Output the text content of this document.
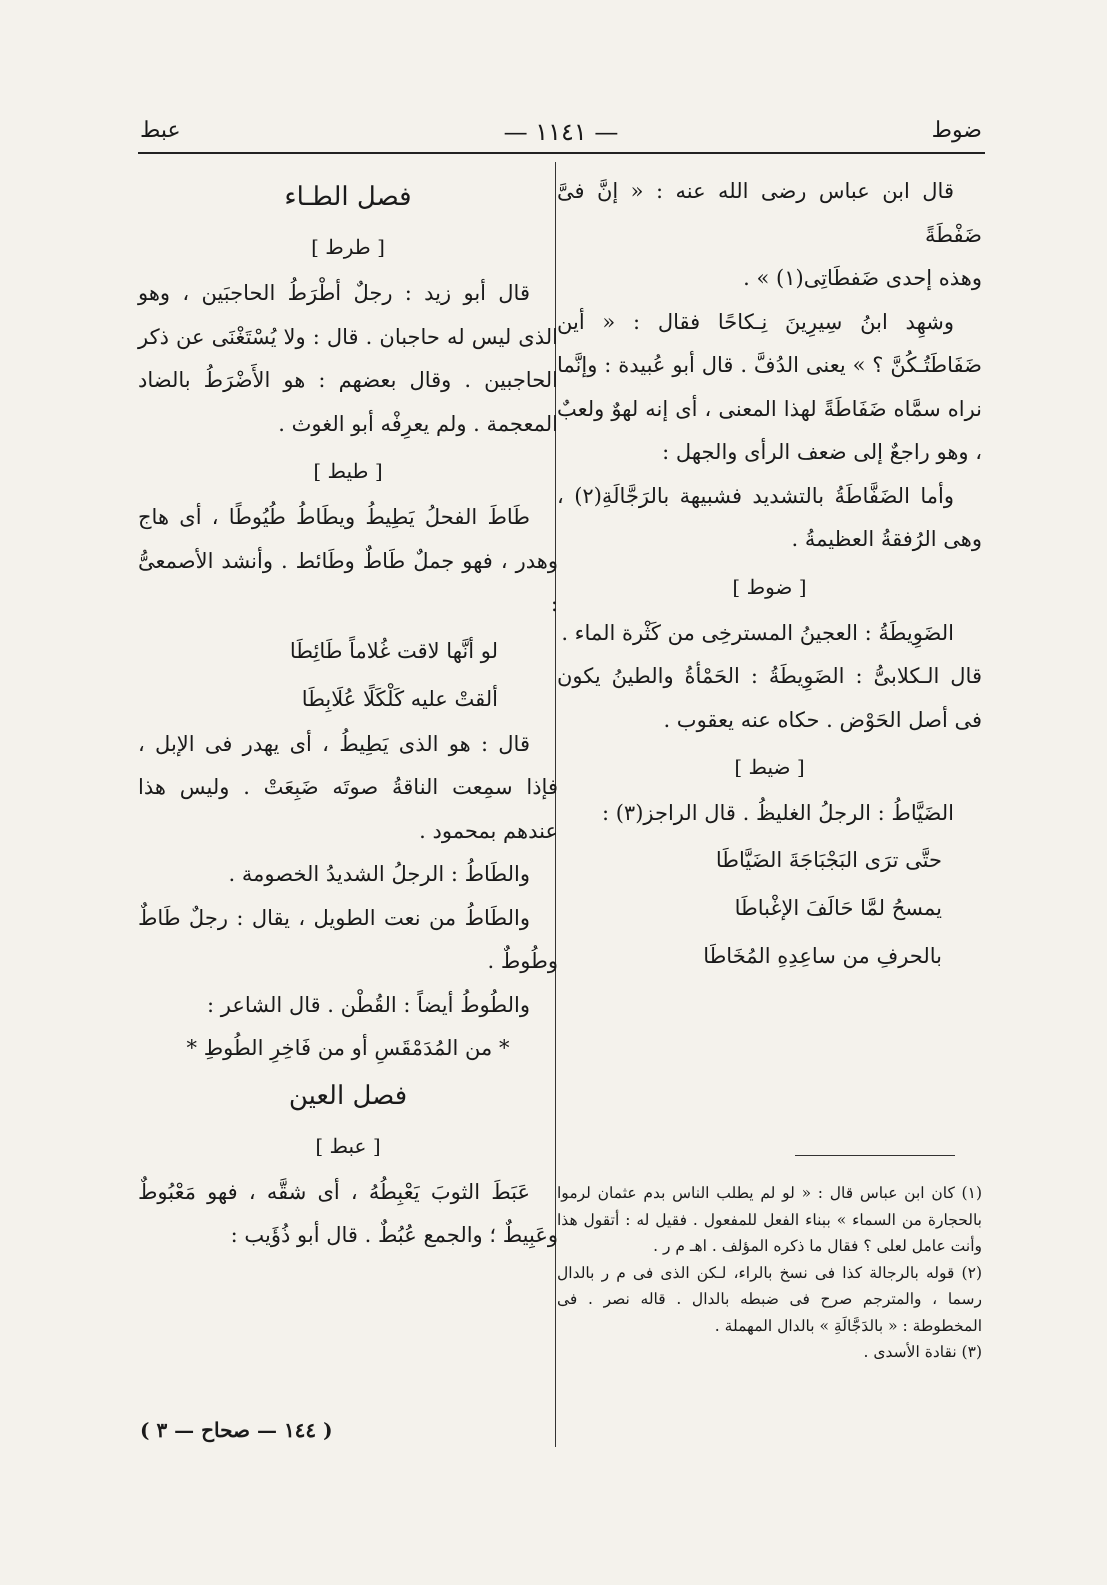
ضوط
— ١١٤١ —
عبط

قال ابن عباس رضى الله عنه : « إنَّ فىَّ ضَفْطَةً

وهذه إحدى ضَفطَاتِى(١) » .

وشهِد ابنُ سِيرِينَ نِـكاحًا فقال : « أين ضَفَاطَتُـكُنَّ ؟ » يعنى الدُفَّ . قال أبو عُبيدة : وإنَّما نراه سمَّاه ضَفَاطَةً لهذا المعنى ، أى إنه لهوٌ ولعبٌ ، وهو راجعٌ إلى ضعف الرأى والجهل :

وأما الضَفَّاطَةُ بالتشديد فشبيهة بالرَجَّالَةِ(٢) ، وهى الرُفقةُ العظيمةُ .

[ ضوط ]

الضَوِيطَةُ : العجينُ المسترخِى من كَثْرة الماء .

قال الـكلابىُّ : الضَوِيطَةُ : الحَمْأةُ والطينُ يكون فى أصل الحَوْض . حكاه عنه يعقوب .

[ ضيط ]

الضَيَّاطُ : الرجلُ الغليظُ . قال الراجز(٣) :

حتَّى ترَى البَجْبَاجَةَ الضَيَّاطَا

يمسحُ لمَّا حَالَفَ الإغْباطَا

بالحرفِ من ساعِدِهِ المُخَاطَا

(١) كان ابن عباس قال : « لو لم يطلب الناس بدم عثمان لرموا بالحجارة من السماء » ببناء الفعل للمفعول . فقيل له : أتقول هذا وأنت عامل لعلى ؟ فقال ما ذكره المؤلف . اهـ م ر .

(٢) قوله بالرجالة كذا فى نسخ بالراء، لـكن الذى فى م ر بالدال رسما ، والمترجم صرح فى ضبطه بالدال . قاله نصر . فى المخطوطة : « بالدَجَّالَةِ » بالدال المهملة .

(٣) نقادة الأسدى .

فصل الطـاء

[ طرط ]

قال أبو زيد : رجلٌ أطْرَطُ الحاجبَين ، وهو الذى ليس له حاجبان . قال : ولا يُسْتَغْنَى عن ذكر الحاجبين . وقال بعضهم : هو الأَضْرَطُ بالضاد المعجمة . ولم يعرِفْه أبو الغوث .

[ طيط ]

طَاطَ الفحلُ يَطِيطُ ويطَاطُ طُيُوطًا ، أى هاج وهدر ، فهو جملٌ طَاطٌ وطَائط . وأنشد الأصمعىُّ :

لو أنَّها لاقت غُلاماً طَائِطَا

ألقتْ عليه كَلْكَلًا عُلَابِطَا

قال : هو الذى يَطِيطُ ، أى يهدر فى الإبل ، فإذا سمِعت الناقةُ صوتَه ضَبِعَتْ . وليس هذا عندهم بمحمود .

والطَاطُ : الرجلُ الشديدُ الخصومة .

والطَاطُ من نعت الطويل ، يقال : رجلٌ طَاطٌ وطُوطٌ .

والطُوطُ أيضاً : القُطْن . قال الشاعر :

* من المُدَمْقَسِ أو من فَاخِرِ الطُوطِ *

فصل العين

[ عبط ]

عَبَطَ الثوبَ يَعْبِطُهُ ، أى شقَّه ، فهو مَعْبُوطٌ وعَبِيطٌ ؛ والجمع عُبُطٌ . قال أبو ذُؤَيب :

( ١٤٤ — صحاح — ٣ )
